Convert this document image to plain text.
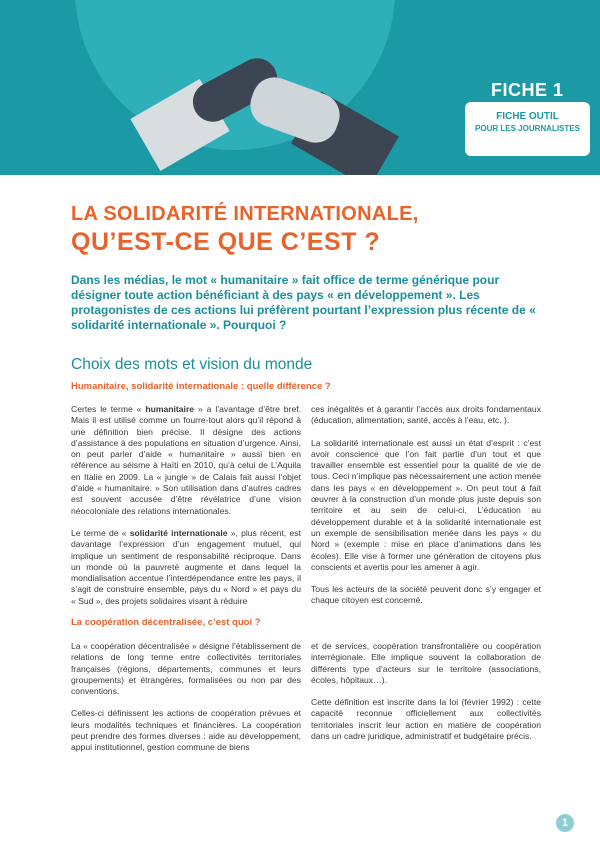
FICHE 1
FICHE OUTIL
POUR LES JOURNALISTES
LA SOLIDARITÉ INTERNATIONALE,
QU’EST-CE QUE C’EST ?
Dans les médias, le mot « humanitaire » fait office de terme générique pour désigner toute action bénéficiant à des pays « en développement ». Les protagonistes de ces actions lui préfèrent pourtant l’expression plus récente de « solidarité internationale ». Pourquoi ?
Choix des mots et vision du monde
Humanitaire, solidarité internationale : quelle différence ?

Certes le terme « humanitaire » a l’avantage d’être bref. Mais il est utilisé comme un fourre-tout alors qu’il répond à une définition bien précise. Il désigne des actions d’assistance à des populations en situation d’urgence. Ainsi, on peut parler d’aide « humanitaire » aussi bien en référence au séisme à Haïti en 2010, qu’à celui de L’Aquila en Italie en 2009. La « jungle » de Calais fait aussi l’objet d’aide « humanitaire. » Son utilisation dans d’autres cadres est souvent accusée d’être révélatrice d’une vision néocoloniale des relations internationales.

Le terme de « solidarité internationale », plus récent, est davantage l’expression d’un engagement mutuel, qui implique un sentiment de responsabilité réciproque. Dans un monde où la pauvreté augmente et dans lequel la mondialisation accentue l’interdépendance entre les pays, il s’agit de construire ensemble, pays du « Nord » et pays du « Sud », des projets solidaires visant à réduire

ces inégalités et à garantir l’accès aux droits fondamentaux (éducation, alimentation, santé, accès à l’eau, etc. ).

La solidarité internationale est aussi un état d’esprit : c’est avoir conscience que l’on fait partie d’un tout et que travailler ensemble est essentiel pour la qualité de vie de tous. Ceci n’implique pas nécessairement une action menée dans les pays « en développement ». On peut tout à fait œuvrer à la construction d’un monde plus juste depuis son territoire et au sein de celui-ci. L’éducation au développement durable et à la solidarité internationale est un exemple de sensibilisation menée dans les pays « du Nord » (exemple : mise en place d’animations dans les écoles). Elle vise à former une génération de citoyens plus conscients et avertis pour les amener à agir.

Tous les acteurs de la société peuvent donc s’y engager et chaque citoyen est concerné.

La coopération décentralisée, c’est quoi ?

La « coopération décentralisée » désigne l’établissement de relations de long terme entre collectivités territoriales françaises (régions, départements, communes et leurs groupements) et étrangères, formalisées ou non par des conventions.

Celles-ci définissent les actions de coopération prévues et leurs modalités techniques et financières. La coopération peut prendre des formes diverses : aide au développement, appui institutionnel, gestion commune de biens

et de services, coopération transfrontalière ou coopération interrégionale. Elle implique souvent la collaboration de différents type d’acteurs sur le territoire (associations, écoles, hôpitaux…).

Cette définition est inscrite dans la loi (février 1992) : cette capacité reconnue officiellement aux collectivités territoriales inscrit leur action en matière de coopération dans un cadre juridique, administratif et budgétaire précis.

1
